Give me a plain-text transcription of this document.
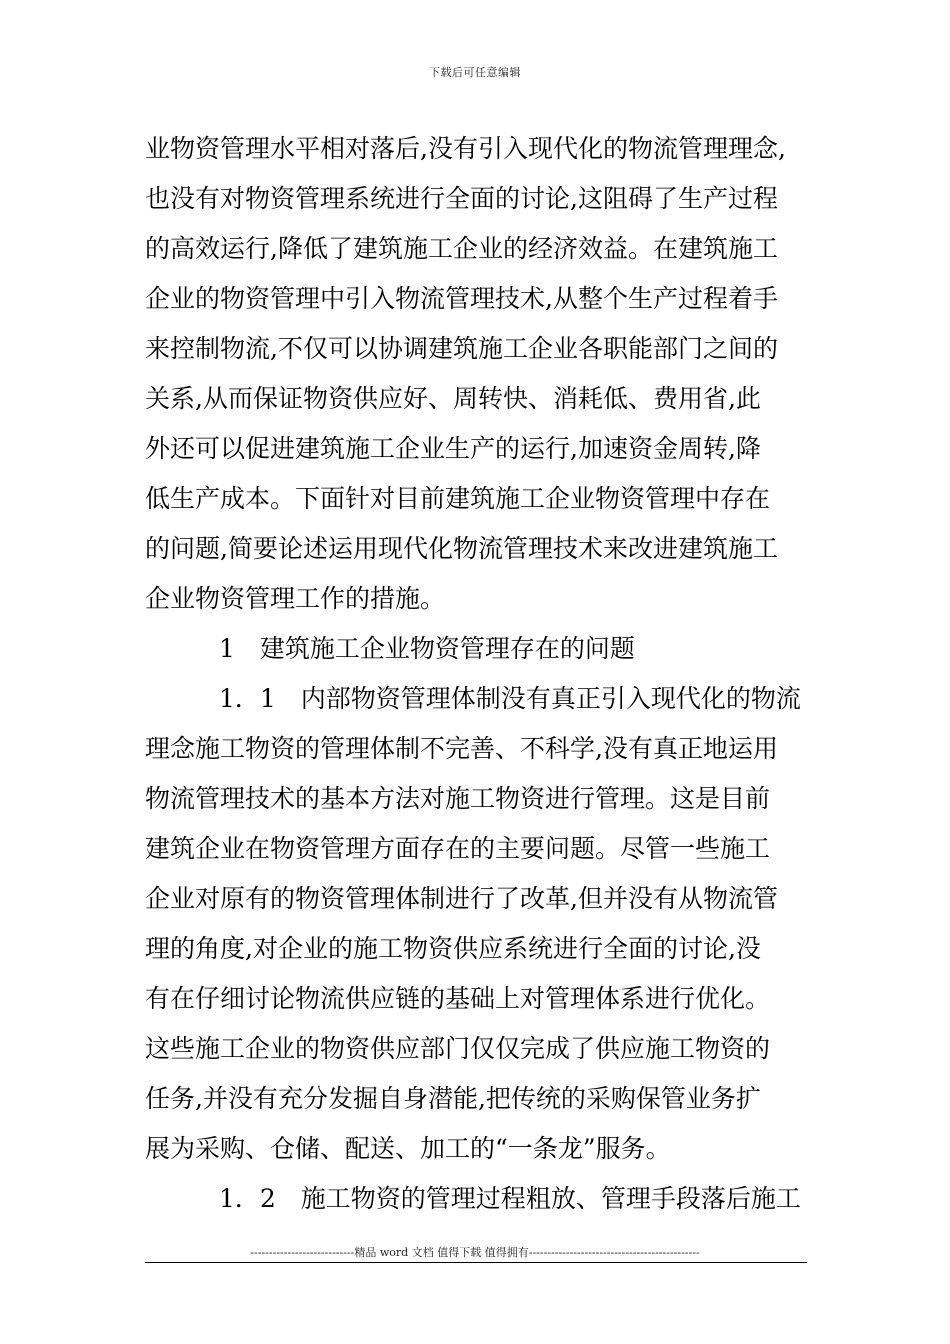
下载后可任意编辑
业物资管理水平相对落后,没有引入现代化的物流管理理念,
也没有对物资管理系统进行全面的讨论,这阻碍了生产过程
的高效运行,降低了建筑施工企业的经济效益。在建筑施工
企业的物资管理中引入物流管理技术,从整个生产过程着手
来控制物流,不仅可以协调建筑施工企业各职能部门之间的
关系,从而保证物资供应好、周转快、消耗低、费用省,此
外还可以促进建筑施工企业生产的运行,加速资金周转,降
低生产成本。下面针对目前建筑施工企业物资管理中存在
的问题,简要论述运用现代化物流管理技术来改进建筑施工
企业物资管理工作的措施。
1　建筑施工企业物资管理存在的问题
1．1　内部物资管理体制没有真正引入现代化的物流
理念施工物资的管理体制不完善、不科学,没有真正地运用
物流管理技术的基本方法对施工物资进行管理。这是目前
建筑企业在物资管理方面存在的主要问题。尽管一些施工
企业对原有的物资管理体制进行了改革,但并没有从物流管
理的角度,对企业的施工物资供应系统进行全面的讨论,没
有在仔细讨论物流供应链的基础上对管理体系进行优化。
这些施工企业的物资供应部门仅仅完成了供应施工物资的
任务,并没有充分发掘自身潜能,把传统的采购保管业务扩
展为采购、仓储、配送、加工的“一条龙”服务。
1．2　施工物资的管理过程粗放、管理手段落后施工
----------------------------精品 word 文档 值得下载 值得拥有----------------------------------------------
